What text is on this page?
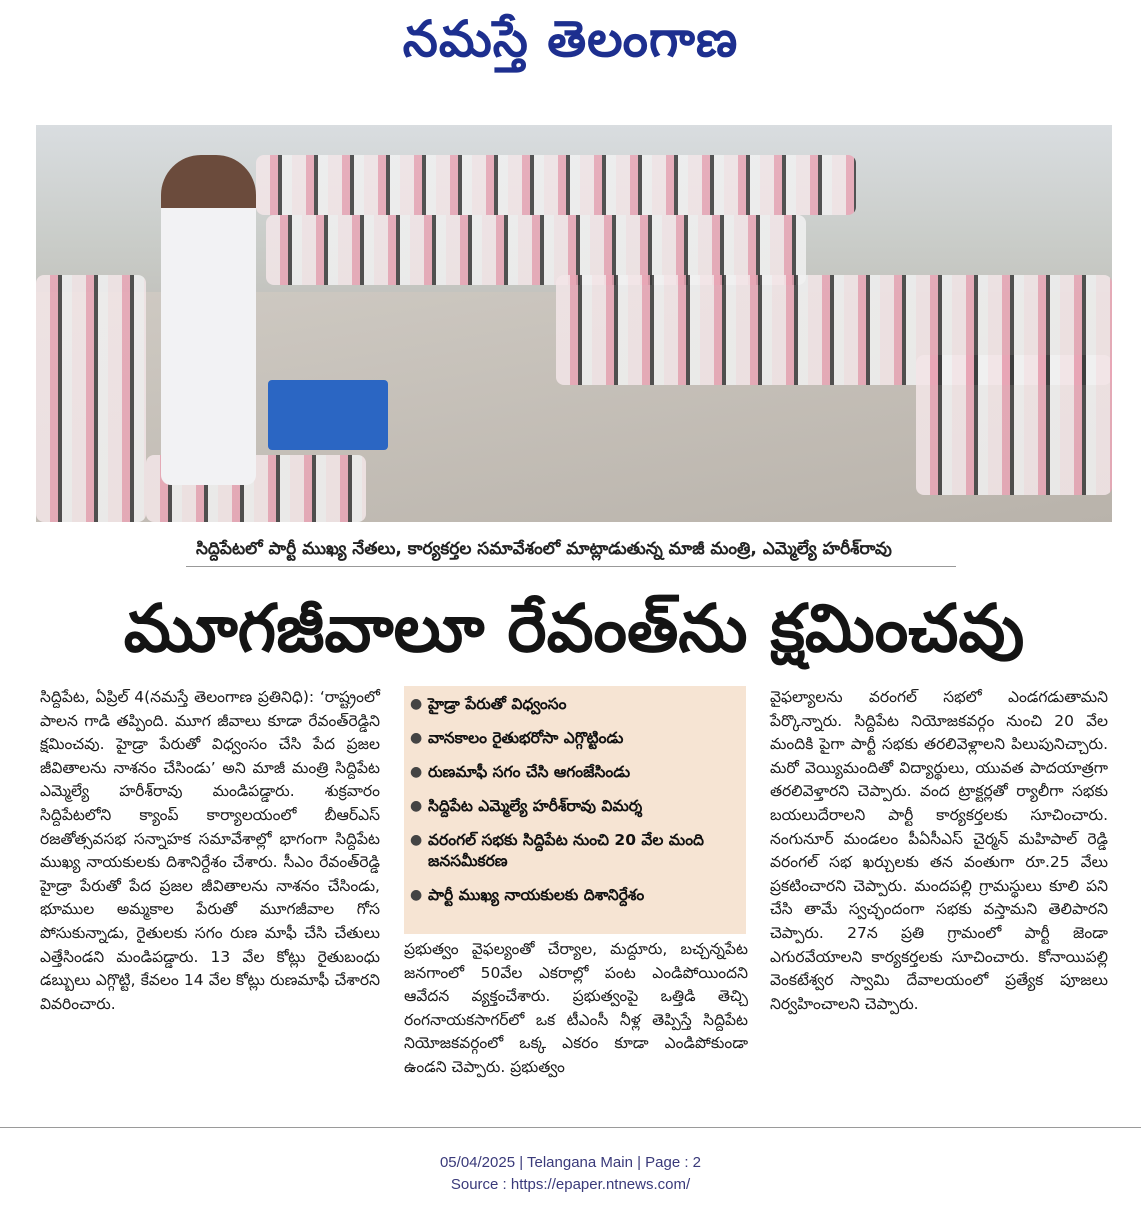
నమస్తే తెలంగాణ
సిద్దిపేటలో పార్టీ ముఖ్య నేతలు, కార్యకర్తల సమావేశంలో మాట్లాడుతున్న మాజీ మంత్రి, ఎమ్మెల్యే హరీశ్‌రావు
మూగజీవాలూ రేవంత్‌ను క్షమించవు

సిద్దిపేట, ఏప్రిల్ 4(నమస్తే తెలంగాణ ప్రతినిధి): ‘రాష్ట్రంలో పాలన గాడి తప్పింది. మూగ జీవాలు కూడా రేవంత్‌రెడ్డిని క్షమించవు. హైడ్రా పేరుతో విధ్వంసం చేసి పేద ప్రజల జీవితాలను నాశనం చేసిండు’ అని మాజీ మంత్రి సిద్దిపేట ఎమ్మెల్యే హరీశ్‌రావు మండిపడ్డారు. శుక్రవారం సిద్దిపేటలోని క్యాంప్ కార్యాలయంలో బీఆర్‌ఎస్ రజతోత్సవసభ సన్నాహక సమావేశాల్లో భాగంగా సిద్దిపేట ముఖ్య నాయకులకు దిశానిర్దేశం చేశారు. సీఎం రేవంత్‌రెడ్డి హైడ్రా పేరుతో పేద ప్రజల జీవితాలను నాశనం చేసిండు, భూముల అమ్మకాల పేరుతో మూగజీవాల గోస పోసుకున్నాడు, రైతులకు సగం రుణ మాఫీ చేసి చేతులు ఎత్తేసిండని మండిపడ్డారు. 13 వేల కోట్లు రైతుబంధు డబ్బులు ఎగ్గొట్టి, కేవలం 14 వేల కోట్లు రుణమాఫీ చేశారని వివరించారు.

● హైడ్రా పేరుతో విధ్వంసం
● వానకాలం రైతుభరోసా ఎగ్గొట్టిండు
● రుణమాఫీ సగం చేసి ఆగంజేసిండు
● సిద్దిపేట ఎమ్మెల్యే హరీశ్‌రావు విమర్శ
● వరంగల్ సభకు సిద్దిపేట నుంచి 20 వేల మంది జనసమీకరణ
● పార్టీ ముఖ్య నాయకులకు దిశానిర్దేశం

ప్రభుత్వం వైఫల్యంతో చేర్యాల, మద్దూరు, బచ్చన్నపేట జనగాంలో 50వేల ఎకరాల్లో పంట ఎండిపోయిందని ఆవేదన వ్యక్తంచేశారు. ప్రభుత్వంపై ఒత్తిడి తెచ్చి రంగనాయకసాగర్‌లో ఒక టీఎంసీ నీళ్ల తెప్పిస్తే సిద్దిపేట నియోజకవర్గంలో ఒక్క ఎకరం కూడా ఎండిపోకుండా ఉండని చెప్పారు. ప్రభుత్వం

వైఫల్యాలను వరంగల్ సభలో ఎండగడుతామని పేర్కొన్నారు. సిద్దిపేట నియోజకవర్గం నుంచి 20 వేల మందికి పైగా పార్టీ సభకు తరలివెళ్లాలని పిలుపునిచ్చారు. మరో వెయ్యిమందితో విద్యార్థులు, యువత పాదయాత్రగా తరలివెళ్తారని చెప్పారు. వంద ట్రాక్టర్లతో ర్యాలీగా సభకు బయలుదేరాలని పార్టీ కార్యకర్తలకు సూచించారు. నంగునూర్ మండలం పీఏసీఎస్ చైర్మన్ మహిపాల్ రెడ్డి వరంగల్ సభ ఖర్చులకు తన వంతుగా రూ.25 వేలు ప్రకటించారని చెప్పారు. మందపల్లి గ్రామస్థులు కూలి పని చేసి తామే స్వచ్ఛందంగా సభకు వస్తామని తెలిపారని చెప్పారు. 27న ప్రతి గ్రామంలో పార్టీ జెండా ఎగురవేయాలని కార్యకర్తలకు సూచించారు. కోనాయిపల్లి వెంకటేశ్వర స్వామి దేవాలయంలో ప్రత్యేక పూజలు నిర్వహించాలని చెప్పారు.

05/04/2025 | Telangana Main | Page : 2
Source : https://epaper.ntnews.com/
